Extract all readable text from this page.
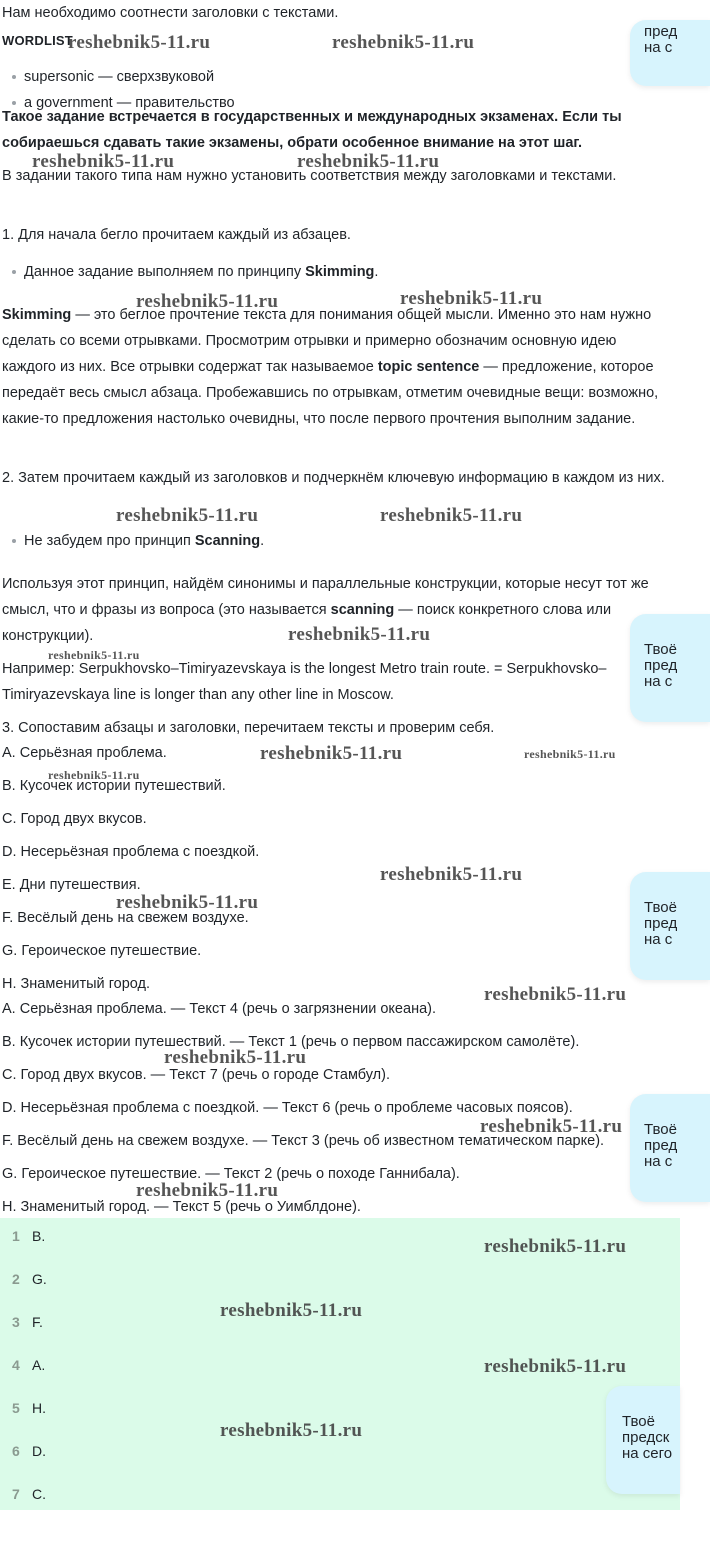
Нам необходимо соотнести заголовки с текстами.

WORDLIST

supersonic — сверхзвуковой
a government — правительство

Такое задание встречается в государственных и международных экзаменах. Если ты собираешься сдавать такие экзамены, обрати особенное внимание на этот шаг.

В задании такого типа нам нужно установить соответствия между заголовками и текстами.

1. Для начала бегло прочитаем каждый из абзацев.

Данное задание выполняем по принципу Skimming.

Skimming — это беглое прочтение текста для понимания общей мысли. Именно это нам нужно сделать со всеми отрывками. Просмотрим отрывки и примерно обозначим основную идею каждого из них. Все отрывки содержат так называемое topic sentence — предложение, которое передаёт весь смысл абзаца. Пробежавшись по отрывкам, отметим очевидные вещи: возможно, какие-то предложения настолько очевидны, что после первого прочтения выполним задание.

2. Затем прочитаем каждый из заголовков и подчеркнём ключевую информацию в каждом из них.

Не забудем про принцип Scanning.

Используя этот принцип, найдём синонимы и параллельные конструкции, которые несут тот же смысл, что и фразы из вопроса (это называется scanning — поиск конкретного слова или конструкции).

Например: Serpukhovsko–Timiryazevskaya is the longest Metro train route. = Serpukhovsko–Timiryazevskaya line is longer than any other line in Moscow.

3. Сопоставим абзацы и заголовки, перечитаем тексты и проверим себя.

A. Серьёзная проблема.

B. Кусочек истории путешествий.

C. Город двух вкусов.

D. Несерьёзная проблема с поездкой.

E. Дни путешествия.

F. Весёлый день на свежем воздухе.

G. Героическое путешествие.

H. Знаменитый город.

A. Серьёзная проблема. — Текст 4 (речь о загрязнении океана).

B. Кусочек истории путешествий. — Текст 1 (речь о первом пассажирском самолёте).

C. Город двух вкусов. — Текст 7 (речь о городе Стамбул).

D. Несерьёзная проблема с поездкой. — Текст 6 (речь о проблеме часовых поясов).

F. Весёлый день на свежем воздухе. — Текст 3 (речь об известном тематическом парке).

G. Героическое путешествие. — Текст 2 (речь о походе Ганнибала).

H. Знаменитый город. — Текст 5 (речь о Уимблдоне).

1 B.
2 G.
3 F.
4 A.
5 H.
6 D.
7 C.
reshebnik5-11.ru	reshebnik5-11.ru
reshebnik5-11.ru	reshebnik5-11.ru
reshebnik5-11.ru	reshebnik5-11.ru
reshebnik5-11.ru	reshebnik5-11.ru
reshebnik5-11.ru
reshebnik5-11.ru	reshebnik5-11.ru
reshebnik5-11.ru
reshebnik5-11.ru
reshebnik5-11.ru
reshebnik5-11.ru
reshebnik5-11.ru
reshebnik5-11.ru
reshebnik5-11.ru
reshebnik5-11.ru
reshebnik5-11.ru
reshebnik5-11.ru
reshebnik5-11.ru
reshebnik5-11.ru
пред
на с
Твоё
пред
на с
Твоё
пред
на с
Твоё
пред
на с
Твоё
предск
на сего
